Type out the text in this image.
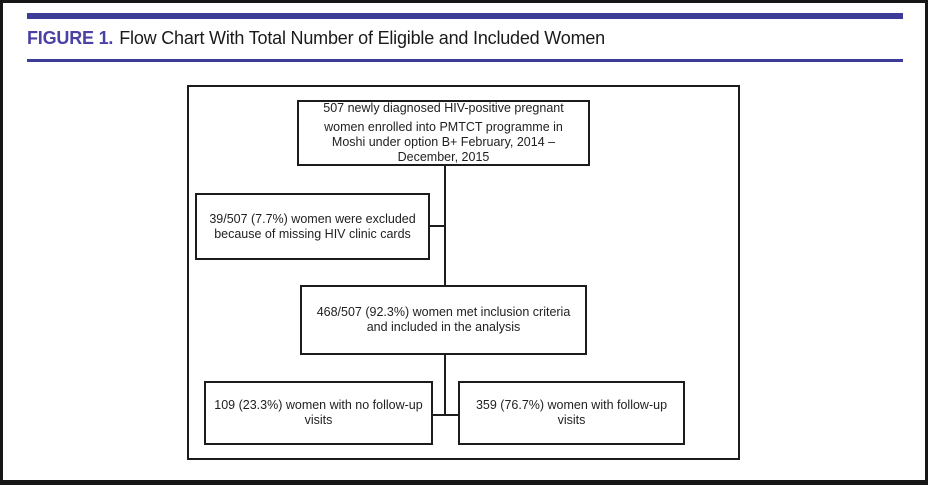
FIGURE 1. Flow Chart With Total Number of Eligible and Included Women
507 newly diagnosed HIV-positive pregnant
women enrolled into PMTCT programme in
Moshi under option B+ February, 2014 –
December, 2015
39/507 (7.7%) women were excluded
because of missing HIV clinic cards
468/507 (92.3%) women met inclusion criteria
and included in the analysis
109 (23.3%) women with no follow-up
visits
359 (76.7%) women with follow-up
visits
